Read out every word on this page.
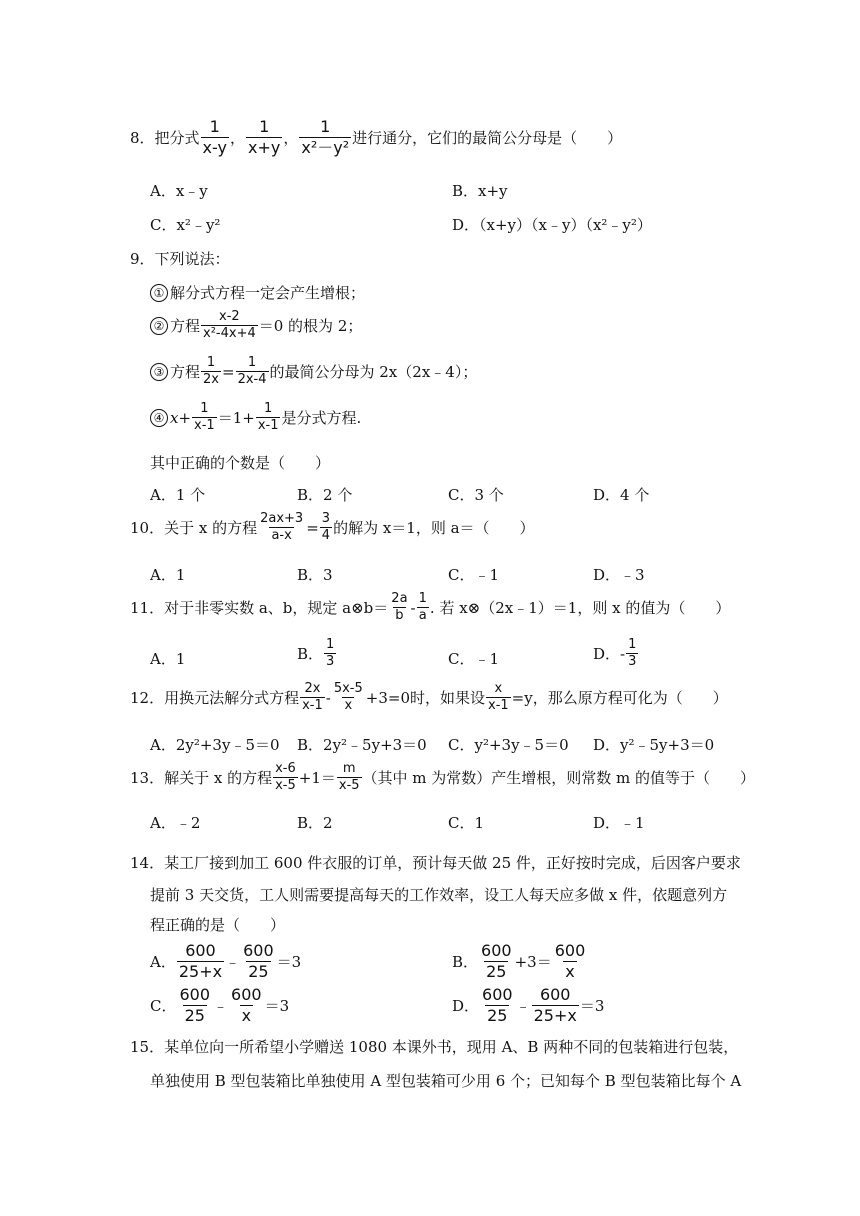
8．把分式
1
x-y ，
1
x+y ，
1
x²－y² 进行通分，它们的最简公分母是（　　）
A．x﹣y	B．x+y
C．x²﹣y²	D．（x+y）（x﹣y）（x²﹣y²）
9．下列说法：
① 解分式方程一定会产生增根；
② 方程
x-2
x²-4x+4 ＝0 的根为 2；
③ 方程 $\frac{1}{2x} = \frac{1}{2x-4}$ 的最简公分母为 2x（2x﹣4）；
④ $x+ \frac{1}{x-1} =1+ \frac{1}{x-1}$ 是分式方程.
其中正确的个数是（　　）
A．1 个	B．2 个	C．3 个	D．4 个
10．关于 x 的方程 $\frac{2ax+3}{a-x} = \frac{3}{4}$ 的解为 x＝1，则 a＝（　　）
A．1	B．3	C．﹣1	D．﹣3
11．对于非零实数 a、b，规定 a⊗b＝
2a
b -
1
a . 若 x⊗（2x﹣1）＝1，则 x 的值为（　　）
A．1	B．
1
3	C．﹣1	D． -
1
3
12．用换元法解分式方程
2x
x-1 -
5x-5
x +3=0时，如果设 $\frac{x}{x-1} =y$，那么原方程可化为（　　）
A．2y²+3y﹣5＝0 B．2y²﹣5y+3＝0 C．y²+3y﹣5＝0 D．y²﹣5y+3＝0
13．解关于 x 的方程
x-6
x-5 +1＝
m
x-5 （其中 m 为常数）产生增根，则常数 m 的值等于（　　）
A．﹣2	B．2	C．1	D．﹣1
14．某工厂接到加工 600 件衣服的订单，预计每天做 25 件，正好按时完成，后因客户要求
提前 3 天交货，工人则需要提高每天的工作效率，设工人每天应多做 x 件，依题意列方
程正确的是（　　）
A．
600
25+x ﹣
600
25 ＝3	B．
600
25 +3＝
600
x
C．
600
25 ﹣
600
x ＝3	D．
600
25 ﹣
600
25+x ＝3
15．某单位向一所希望小学赠送 1080 本课外书，现用 A、B 两种不同的包装箱进行包装，
单独使用 B 型包装箱比单独使用 A 型包装箱可少用 6 个；已知每个 B 型包装箱比每个 A
